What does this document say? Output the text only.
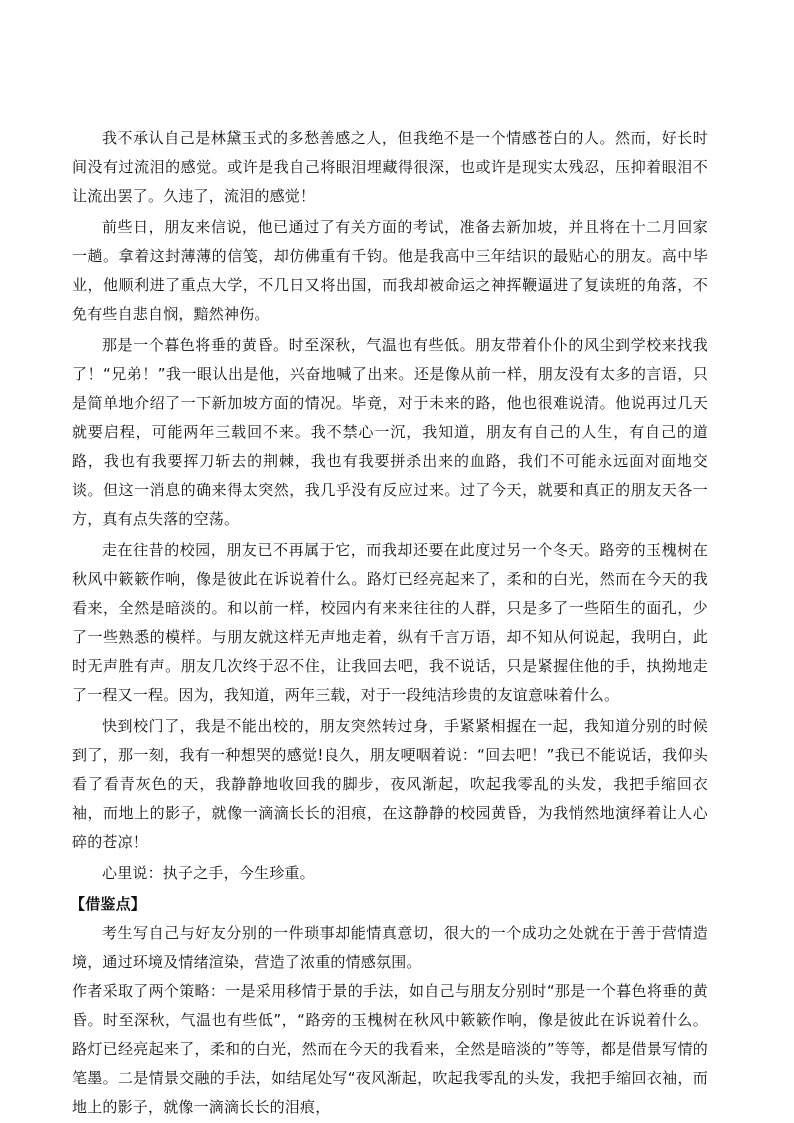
我不承认自己是林黛玉式的多愁善感之人，但我绝不是一个情感苍白的人。然而，好长时间没有过流泪的感觉。或许是我自己将眼泪埋藏得很深，也或许是现实太残忍，压抑着眼泪不让流出罢了。久违了，流泪的感觉！

前些日，朋友来信说，他已通过了有关方面的考试，准备去新加坡，并且将在十二月回家一趟。拿着这封薄薄的信笺，却仿佛重有千钧。他是我高中三年结识的最贴心的朋友。高中毕业，他顺利进了重点大学，不几日又将出国，而我却被命运之神挥鞭逼进了复读班的角落，不免有些自悲自悯，黯然神伤。

那是一个暮色将垂的黄昏。时至深秋，气温也有些低。朋友带着仆仆的风尘到学校来找我了！“兄弟！”我一眼认出是他，兴奋地喊了出来。还是像从前一样，朋友没有太多的言语，只是简单地介绍了一下新加坡方面的情况。毕竟，对于未来的路，他也很难说清。他说再过几天就要启程，可能两年三载回不来。我不禁心一沉，我知道，朋友有自己的人生，有自己的道路，我也有我要挥刀斩去的荆棘，我也有我要拼杀出来的血路，我们不可能永远面对面地交谈。但这一消息的确来得太突然，我几乎没有反应过来。过了今天，就要和真正的朋友天各一方，真有点失落的空荡。

走在往昔的校园，朋友已不再属于它，而我却还要在此度过另一个冬天。路旁的玉槐树在秋风中簌簌作响，像是彼此在诉说着什么。路灯已经亮起来了，柔和的白光，然而在今天的我看来，全然是暗淡的。和以前一样，校园内有来来往往的人群，只是多了一些陌生的面孔，少了一些熟悉的模样。与朋友就这样无声地走着，纵有千言万语，却不知从何说起，我明白，此时无声胜有声。朋友几次终于忍不住，让我回去吧，我不说话，只是紧握住他的手，执拗地走了一程又一程。因为，我知道，两年三载，对于一段纯洁珍贵的友谊意味着什么。

快到校门了，我是不能出校的，朋友突然转过身，手紧紧相握在一起，我知道分别的时候到了，那一刻，我有一种想哭的感觉!良久，朋友哽咽着说：“回去吧！”我已不能说话，我仰头看了看青灰色的天，我静静地收回我的脚步，夜风渐起，吹起我零乱的头发，我把手缩回衣袖，而地上的影子，就像一滴滴长长的泪痕，在这静静的校园黄昏，为我悄然地演绎着让人心碎的苍凉！

心里说：执子之手，今生珍重。

【借鉴点】

考生写自己与好友分别的一件琐事却能情真意切，很大的一个成功之处就在于善于营情造境，通过环境及情绪渲染，营造了浓重的情感氛围。

作者采取了两个策略：一是采用移情于景的手法，如自己与朋友分别时“那是一个暮色将垂的黄昏。时至深秋，气温也有些低”，“路旁的玉槐树在秋风中簌簌作响，像是彼此在诉说着什么。路灯已经亮起来了，柔和的白光，然而在今天的我看来，全然是暗淡的”等等，都是借景写情的笔墨。二是情景交融的手法，如结尾处写“夜风渐起，吹起我零乱的头发，我把手缩回衣袖，而地上的影子，就像一滴滴长长的泪痕，
